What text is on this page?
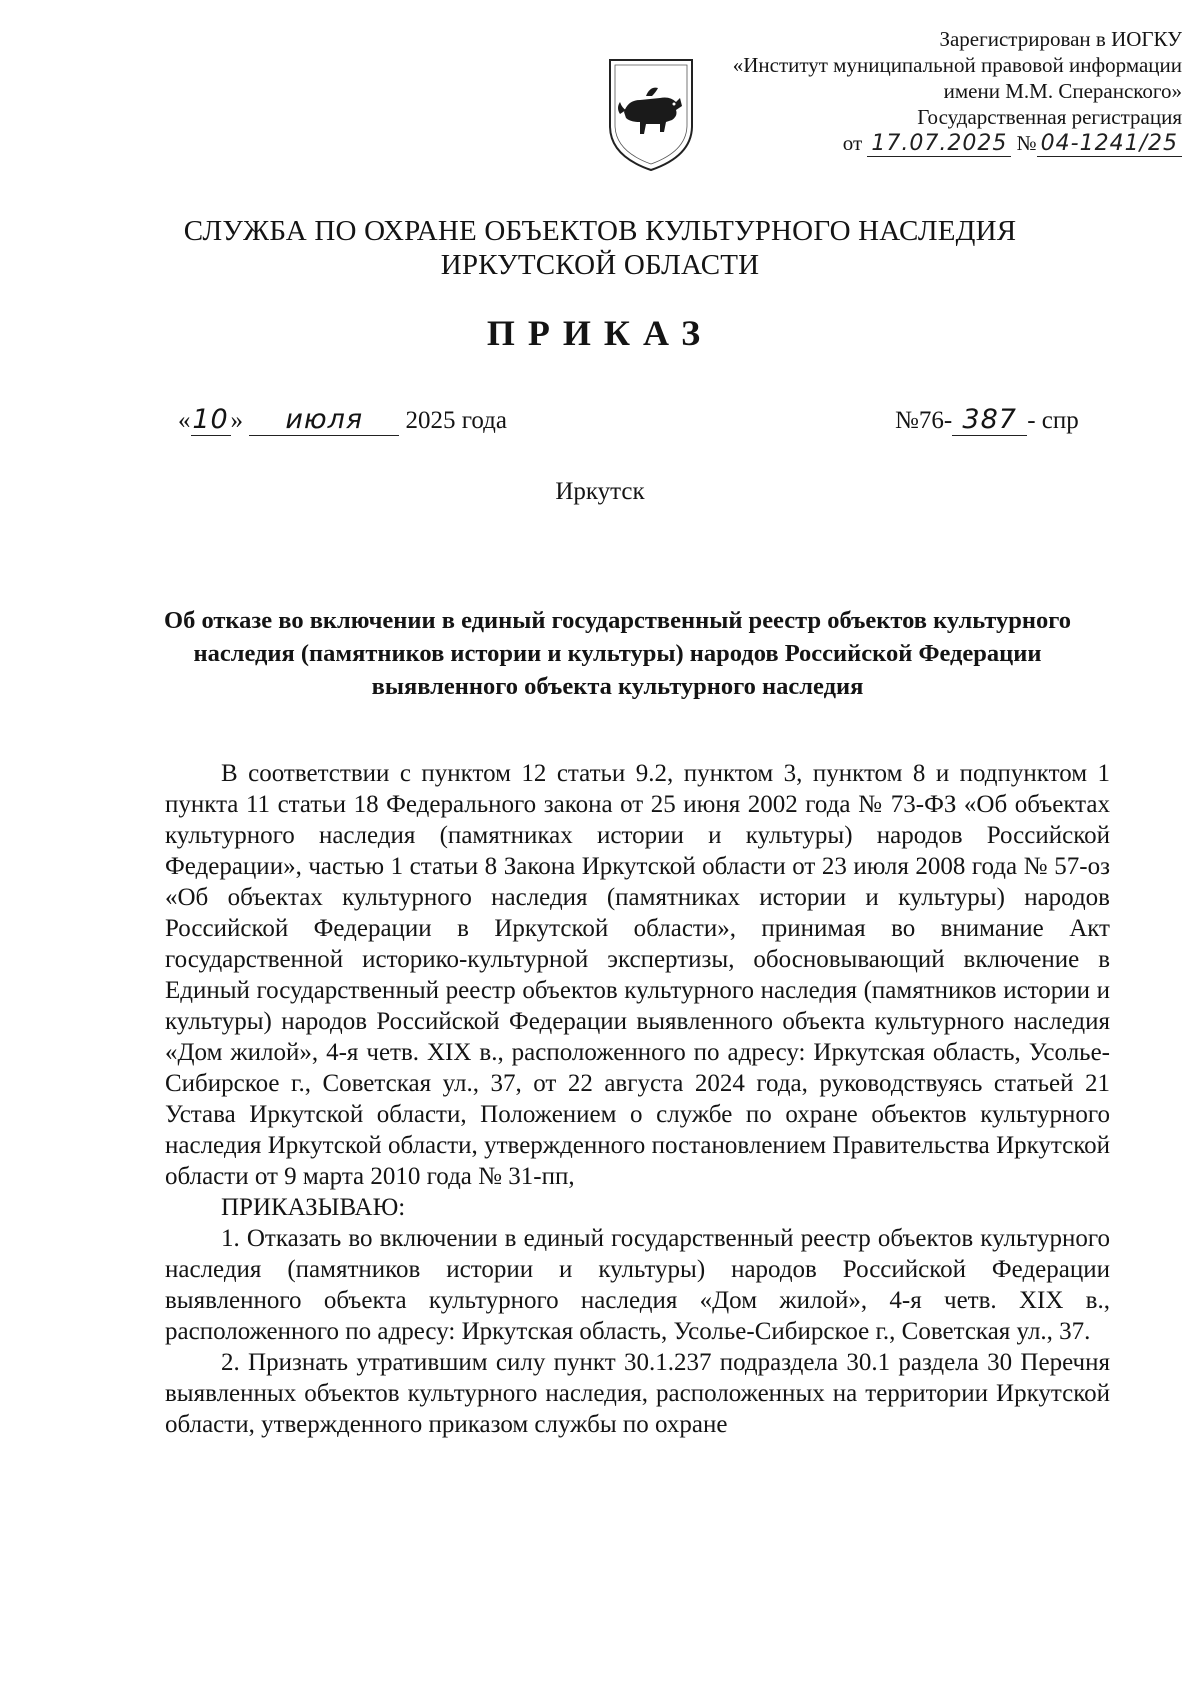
Зарегистрирован в ИОГКУ
«Институт муниципальной правовой информации
имени М.М. Сперанского»
Государственная регистрация
от 17.07.2025 № 04-1241/25
СЛУЖБА ПО ОХРАНЕ ОБЪЕКТОВ КУЛЬТУРНОГО НАСЛЕДИЯ
ИРКУТСКОЙ ОБЛАСТИ
ПРИКАЗ
«10» июля 2025 года	№76- 387 - спр
Иркутск
Об отказе во включении в единый государственный реестр объектов культурного наследия (памятников истории и культуры) народов Российской Федерации выявленного объекта культурного наследия

В соответствии с пунктом 12 статьи 9.2, пунктом 3, пунктом 8 и подпунктом 1 пункта 11 статьи 18 Федерального закона от 25 июня 2002 года № 73-ФЗ «Об объектах культурного наследия (памятниках истории и культуры) народов Российской Федерации», частью 1 статьи 8 Закона Иркутской области от 23 июля 2008 года № 57-оз «Об объектах культурного наследия (памятниках истории и культуры) народов Российской Федерации в Иркутской области», принимая во внимание Акт государственной историко-культурной экспертизы, обосновывающий включение в Единый государственный реестр объектов культурного наследия (памятников истории и культуры) народов Российской Федерации выявленного объекта культурного наследия «Дом жилой», 4-я четв. XIX в., расположенного по адресу: Иркутская область, Усолье-Сибирское г., Советская ул., 37, от 22 августа 2024 года, руководствуясь статьей 21 Устава Иркутской области, Положением о службе по охране объектов культурного наследия Иркутской области, утвержденного постановлением Правительства Иркутской области от 9 марта 2010 года № 31-пп,

ПРИКАЗЫВАЮ:

1. Отказать во включении в единый государственный реестр объектов культурного наследия (памятников истории и культуры) народов Российской Федерации выявленного объекта культурного наследия «Дом жилой», 4-я четв. XIX в., расположенного по адресу: Иркутская область, Усолье-Сибирское г., Советская ул., 37.

2. Признать утратившим силу пункт 30.1.237 подраздела 30.1 раздела 30 Перечня выявленных объектов культурного наследия, расположенных на территории Иркутской области, утвержденного приказом службы по охране
